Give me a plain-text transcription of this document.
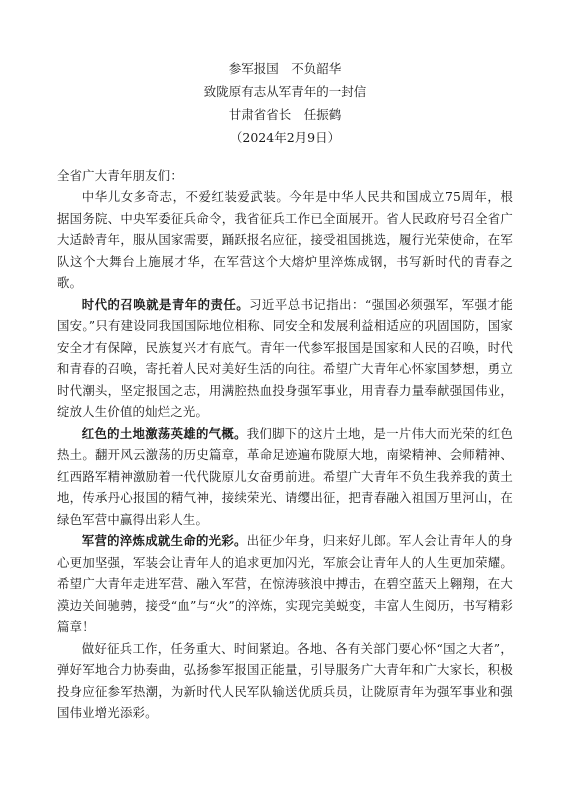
参军报国　不负韶华
致陇原有志从军青年的一封信
甘肃省省长　任振鹤
（2024年2月9日）

全省广大青年朋友们：

中华儿女多奇志，不爱红装爱武装。今年是中华人民共和国成立75周年，根据国务院、中央军委征兵命令，我省征兵工作已全面展开。省人民政府号召全省广大适龄青年，服从国家需要，踊跃报名应征，接受祖国挑选，履行光荣使命，在军队这个大舞台上施展才华，在军营这个大熔炉里淬炼成钢，书写新时代的青春之歌。

时代的召唤就是青年的责任。习近平总书记指出：“强国必须强军，军强才能国安。”只有建设同我国国际地位相称、同安全和发展利益相适应的巩固国防，国家安全才有保障，民族复兴才有底气。青年一代参军报国是国家和人民的召唤，时代和青春的召唤，寄托着人民对美好生活的向往。希望广大青年心怀家国梦想，勇立时代潮头，坚定报国之志，用满腔热血投身强军事业，用青春力量奉献强国伟业，绽放人生价值的灿烂之光。

红色的土地激荡英雄的气概。我们脚下的这片土地，是一片伟大而光荣的红色热土。翻开风云激荡的历史篇章，革命足迹遍布陇原大地，南梁精神、会师精神、红西路军精神激励着一代代陇原儿女奋勇前进。希望广大青年不负生我养我的黄土地，传承丹心报国的精气神，接续荣光、请缨出征，把青春融入祖国万里河山，在绿色军营中赢得出彩人生。

军营的淬炼成就生命的光彩。出征少年身，归来好儿郎。军人会让青年人的身心更加坚强，军装会让青年人的追求更加闪光，军旅会让青年人的人生更加荣耀。希望广大青年走进军营、融入军营，在惊涛骇浪中搏击，在碧空蓝天上翱翔，在大漠边关间驰骋，接受“血”与“火”的淬炼，实现完美蜕变，丰富人生阅历，书写精彩篇章！

做好征兵工作，任务重大、时间紧迫。各地、各有关部门要心怀“国之大者”，弹好军地合力协奏曲，弘扬参军报国正能量，引导服务广大青年和广大家长，积极投身应征参军热潮，为新时代人民军队输送优质兵员，让陇原青年为强军事业和强国伟业增光添彩。
